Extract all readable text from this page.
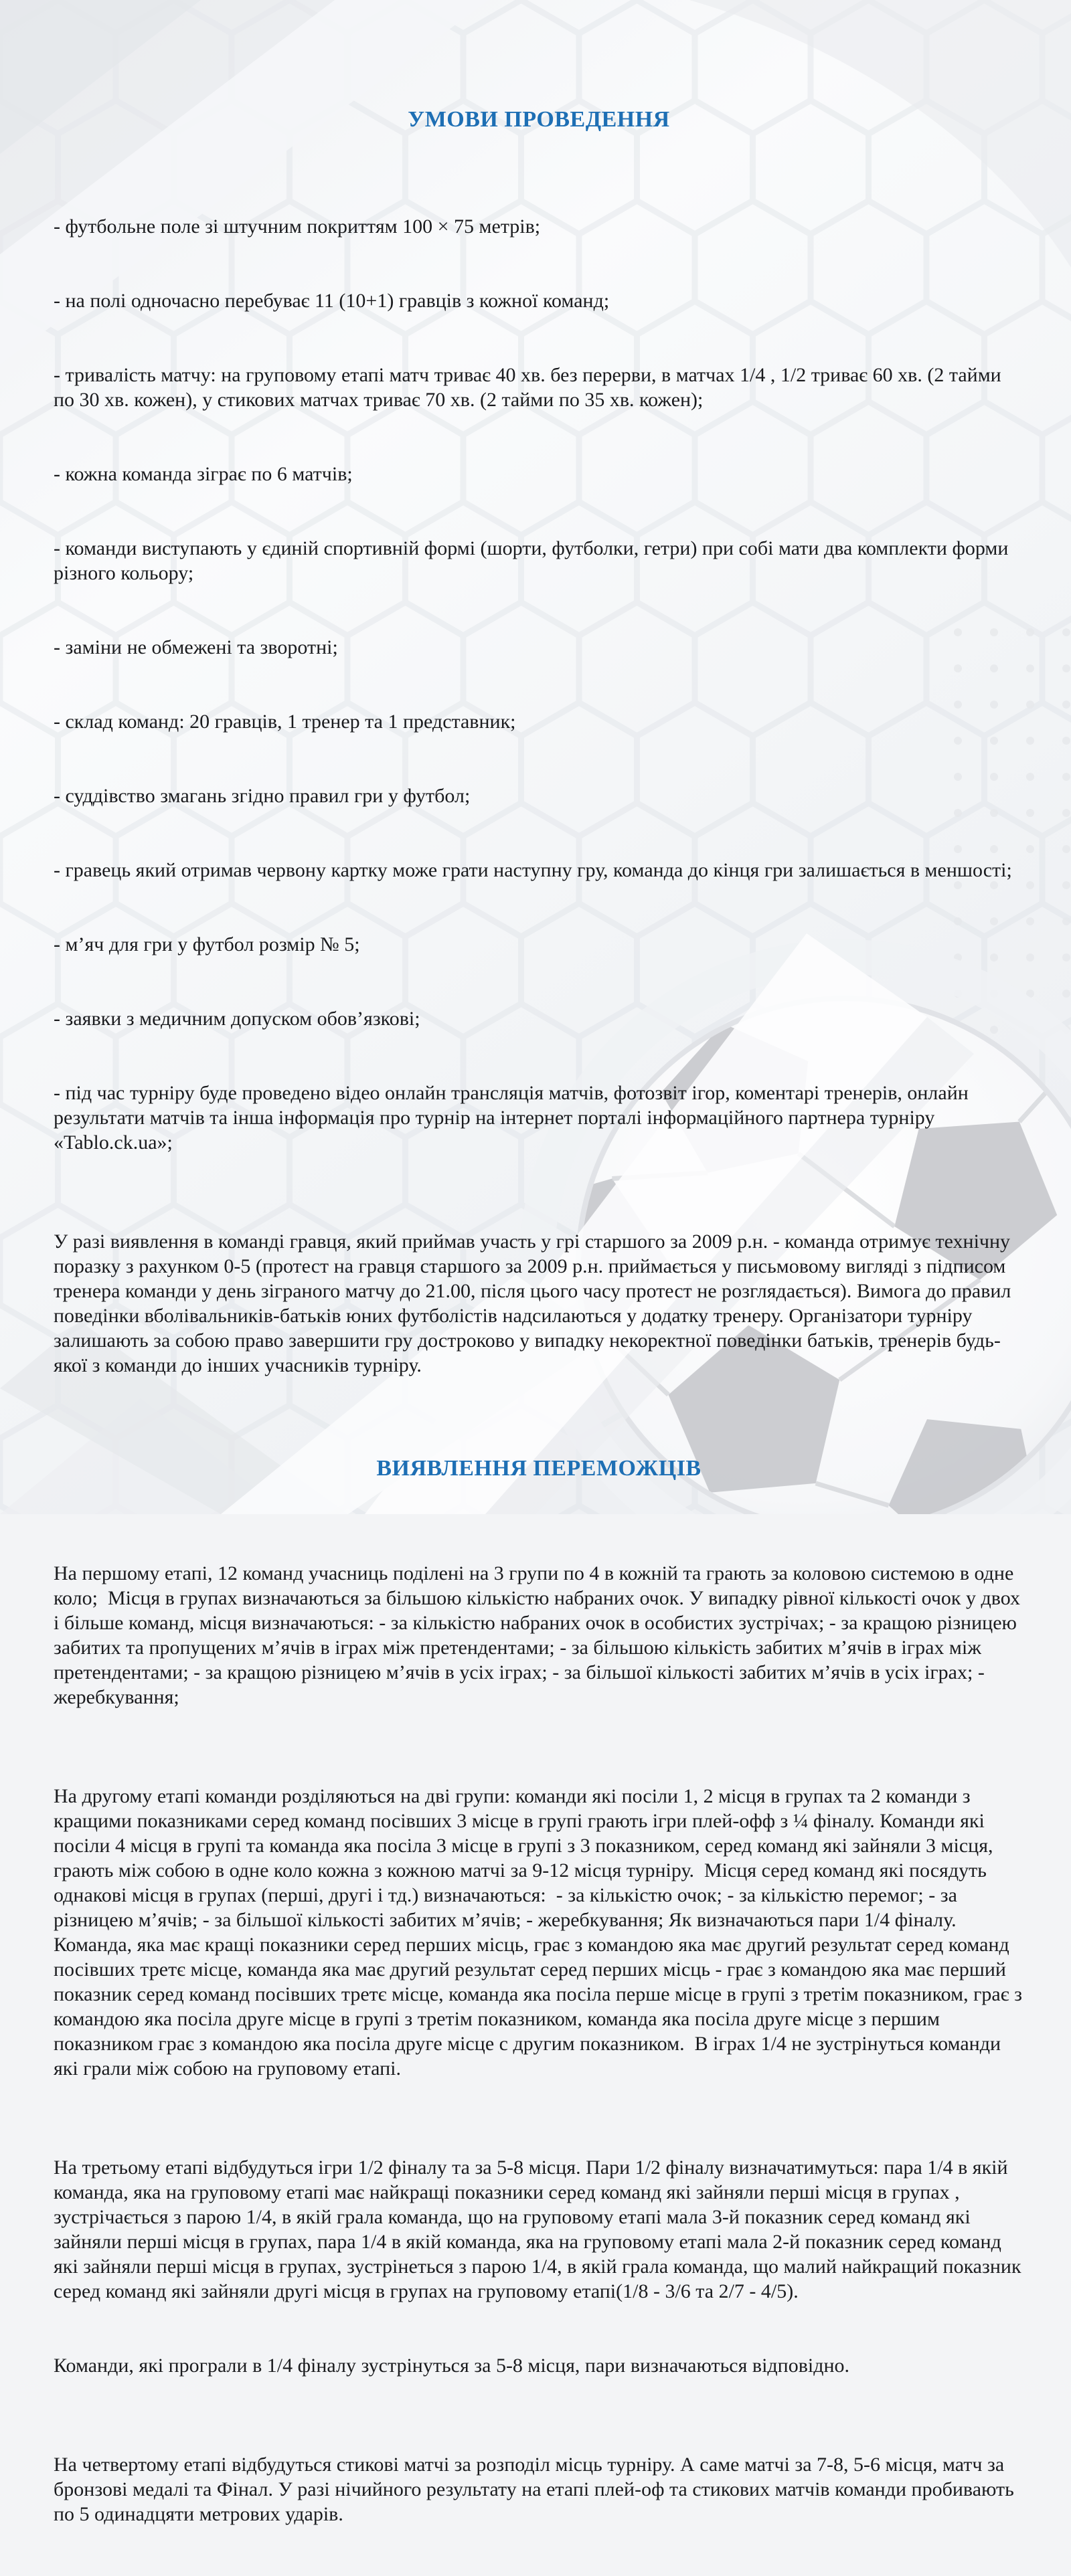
УМОВИ ПРОВЕДЕННЯ

- футбольне поле зі штучним покриттям 100 × 75 метрів;

- на полі одночасно перебуває 11 (10+1) гравців з кожної команд;

- тривалість матчу: на груповому етапі матч триває 40 хв. без перерви, в матчах 1/4 , 1/2 триває 60 хв. (2 тайми по 30 хв. кожен), у стикових матчах триває 70 хв. (2 тайми по 35 хв. кожен);

- кожна команда зіграє по 6 матчів;

- команди виступають у єдиній спортивній формі (шорти, футболки, гетри) при собі мати два комплекти форми різного кольору;

- заміни не обмежені та зворотні;

- склад команд: 20 гравців, 1 тренер та 1 представник;

- суддівство змагань згідно правил гри у футбол;

- гравець який отримав червону картку може грати наступну гру, команда до кінця гри залишається в меншості;

- м’яч для гри у футбол розмір № 5;

- заявки з медичним допуском обов’язкові;

- під час турніру буде проведено відео онлайн трансляція матчів, фотозвіт ігор, коментарі тренерів, онлайн результати матчів та інша інформація про турнір на інтернет порталі інформаційного партнера турніру «Tablo.ck.ua»;

У разі виявлення в команді гравця, який приймав участь у грі старшого за 2009 р.н. - команда отримує технічну поразку з рахунком 0-5 (протест на гравця старшого за 2009 р.н. приймається у письмовому вигляді з підписом тренера команди у день зіграного матчу до 21.00, після цього часу протест не розглядається). Вимога до правил поведінки вболівальників-батьків юних футболістів надсилаються у додатку тренеру. Організатори турніру залишають за собою право завершити гру достроково у випадку некоректної поведінки батьків, тренерів будь-якої з команди до інших учасників турніру.

ВИЯВЛЕННЯ ПЕРЕМОЖЦІВ

На першому етапі, 12 команд учасниць поділені на 3 групи по 4 в кожній та грають за коловою системою в одне коло;  Місця в групах визначаються за більшою кількістю набраних очок. У випадку рівної кількості очок у двох і більше команд, місця визначаються: - за кількістю набраних очок в особистих зустрічах; - за кращою різницею забитих та пропущених м’ячів в іграх між претендентами; - за більшою кількість забитих м’ячів в іграх між претендентами; - за кращою різницею м’ячів в усіх іграх; - за більшої кількості забитих м’ячів в усіх іграх; - жеребкування;

На другому етапі команди розділяються на дві групи: команди які посіли 1, 2 місця в групах та 2 команди з кращими показниками серед команд посівших 3 місце в групі грають ігри плей-офф з ¼ фіналу. Команди які посіли 4 місця в групі та команда яка посіла 3 місце в групі з 3 показником, серед команд які зайняли 3 місця, грають між собою в одне коло кожна з кожною матчі за 9-12 місця турніру.  Місця серед команд які посядуть однакові місця в групах (перші, другі і тд.) визначаються:  - за кількістю очок; - за кількістю перемог; - за різницею м’ячів; - за більшої кількості забитих м’ячів; - жеребкування; Як визначаються пари 1/4 фіналу. Команда, яка має кращі показники серед перших місць, грає з командою яка має другий результат серед команд посівших третє місце, команда яка має другий результат серед перших місць - грає з командою яка має перший показник серед команд посівших третє місце, команда яка посіла перше місце в групі з третім показником, грає з командою яка посіла друге місце в групі з третім показником, команда яка посіла друге місце з першим показником грає з командою яка посіла друге місце с другим показником.  В іграх 1/4 не зустрінуться команди які грали між собою на груповому етапі.

На третьому етапі відбудуться ігри 1/2 фіналу та за 5-8 місця. Пари 1/2 фіналу визначатимуться: пара 1/4 в якій команда, яка на груповому етапі має найкращі показники серед команд які зайняли перші місця в групах , зустрічається з парою 1/4, в якій грала команда, що на груповому етапі мала 3-й показник серед команд які зайняли перші місця в групах, пара 1/4 в якій команда, яка на груповому етапі мала 2-й показник серед команд які зайняли перші місця в групах, зустрінеться з парою 1/4, в якій грала команда, що малий найкращий показник серед команд які зайняли другі місця в групах на груповому етапі(1/8 - 3/6 та 2/7 - 4/5).

Команди, які програли в 1/4 фіналу зустрінуться за 5-8 місця, пари визначаються відповідно.

На четвертому етапі відбудуться стикові матчі за розподіл місць турніру. А саме матчі за 7-8, 5-6 місця, матч за бронзові медалі та Фінал. У разі нічийного результату на етапі плей-оф та стикових матчів команди пробивають по 5 одинадцяти метрових ударів.
